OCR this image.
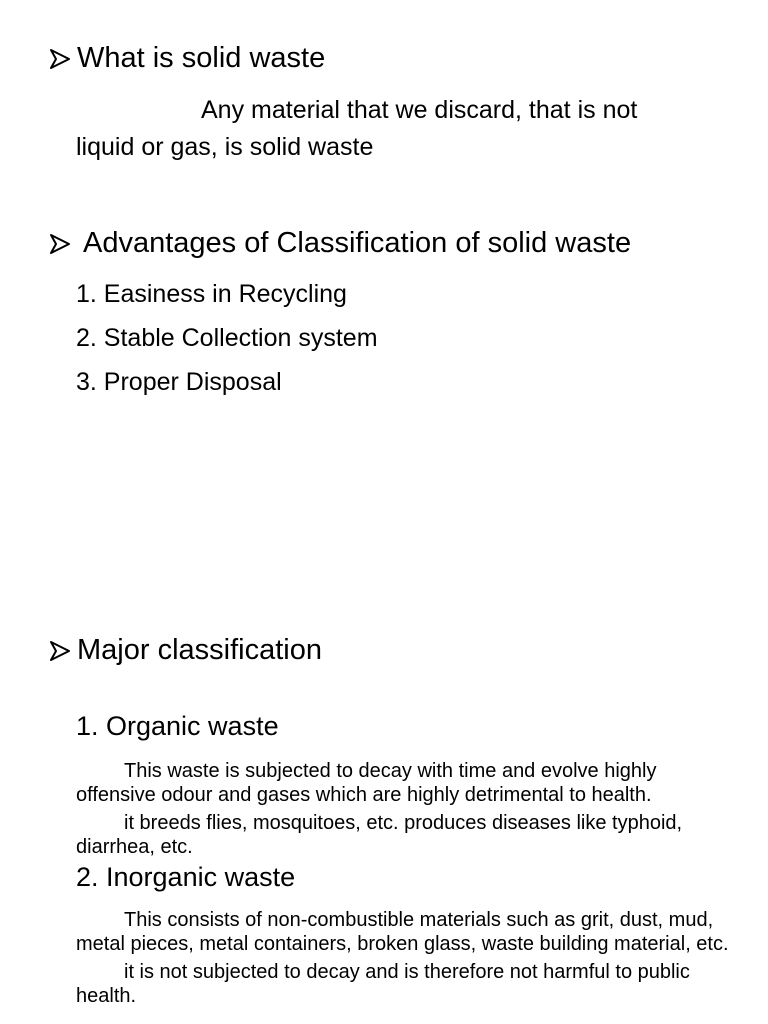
What is solid waste
Any material that we discard, that is not
liquid or gas, is solid waste
Advantages of Classification of solid waste
1. Easiness in Recycling
2. Stable Collection system
3. Proper Disposal
Major classification
1. Organic waste

This waste is subjected to decay with time and evolve highly offensive odour and gases which are highly detrimental to health.

it breeds flies, mosquitoes, etc. produces diseases like typhoid, diarrhea, etc.

2. Inorganic waste

This consists of non-combustible materials such as grit, dust, mud, metal pieces, metal containers, broken glass, waste building material, etc.

it is not subjected to decay and is therefore not harmful to public health.
